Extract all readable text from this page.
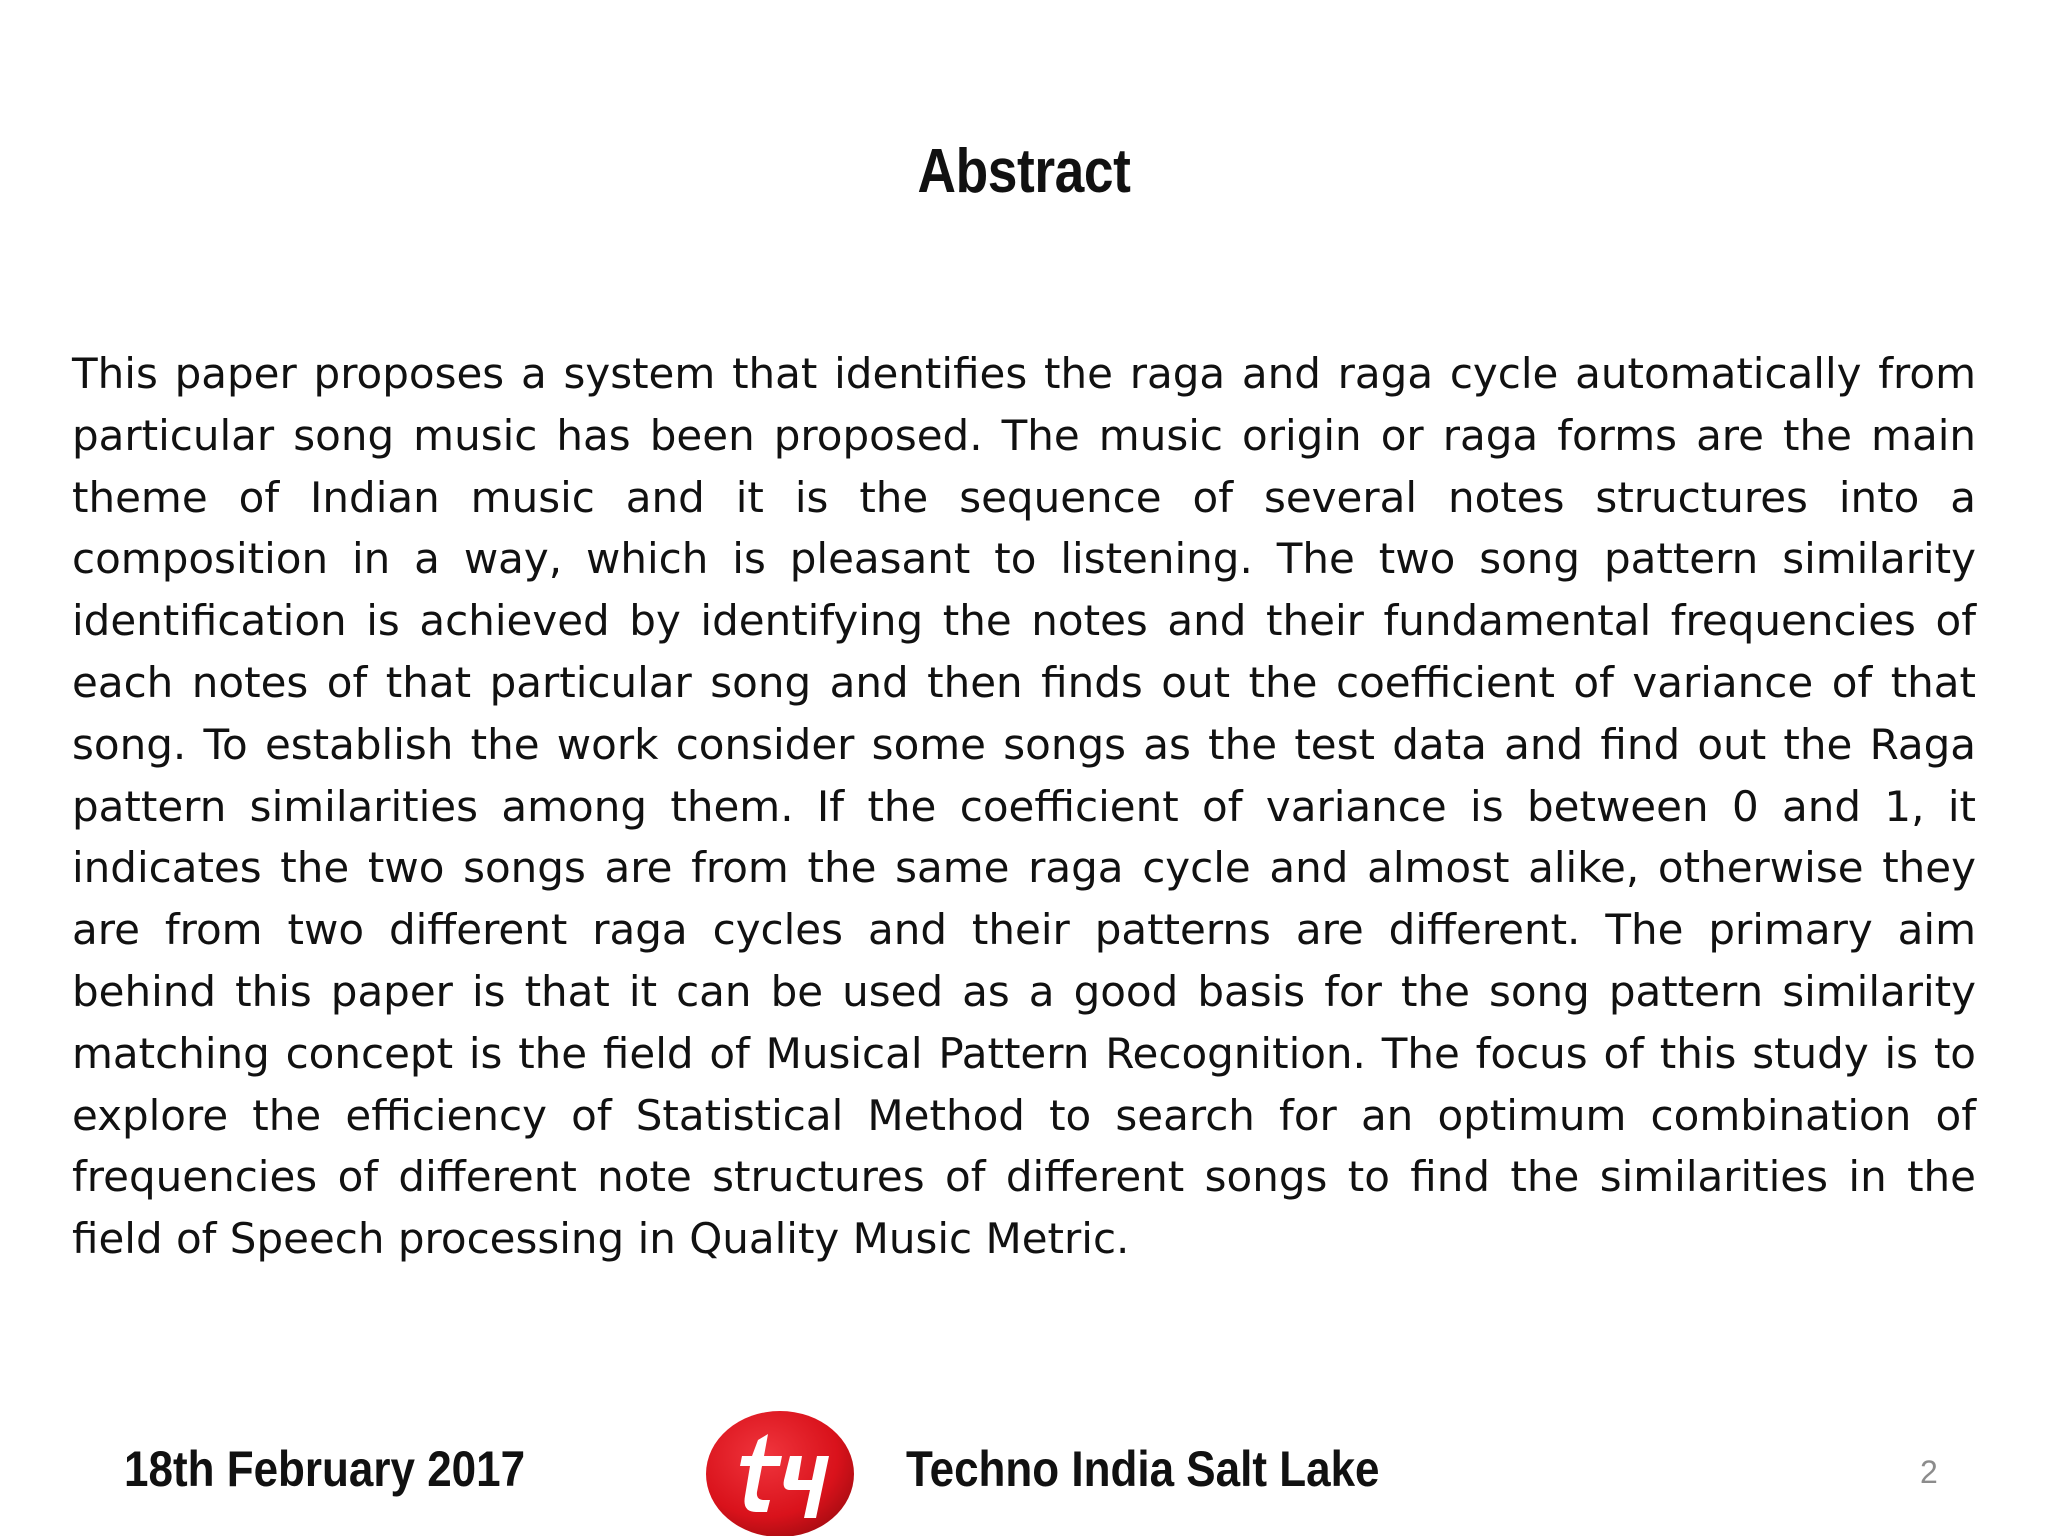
Abstract

This paper proposes a system that identifies the raga and raga cycle automatically from particular song music has been proposed. The music origin or raga forms are the main theme of Indian music and it is the sequence of several notes structures into a composition in a way, which is pleasant to listening. The two song pattern similarity identification is achieved by identifying the notes and their fundamental frequencies of each notes of that particular song and then finds out the coefficient of variance of that song. To establish the work consider some songs as the test data and find out the Raga pattern similarities among them. If the coefficient of variance is between 0 and 1, it indicates the two songs are from the same raga cycle and almost alike, otherwise they are from two different raga cycles and their patterns are different. The primary aim behind this paper is that it can be used as a good basis for the song pattern similarity matching concept is the field of Musical Pattern Recognition. The focus of this study is to explore the efficiency of Statistical Method to search for an optimum combination of frequencies of different note structures of different songs to find the similarities in the field of Speech processing in Quality Music Metric.

18th February 2017	Techno India Salt Lake	2
